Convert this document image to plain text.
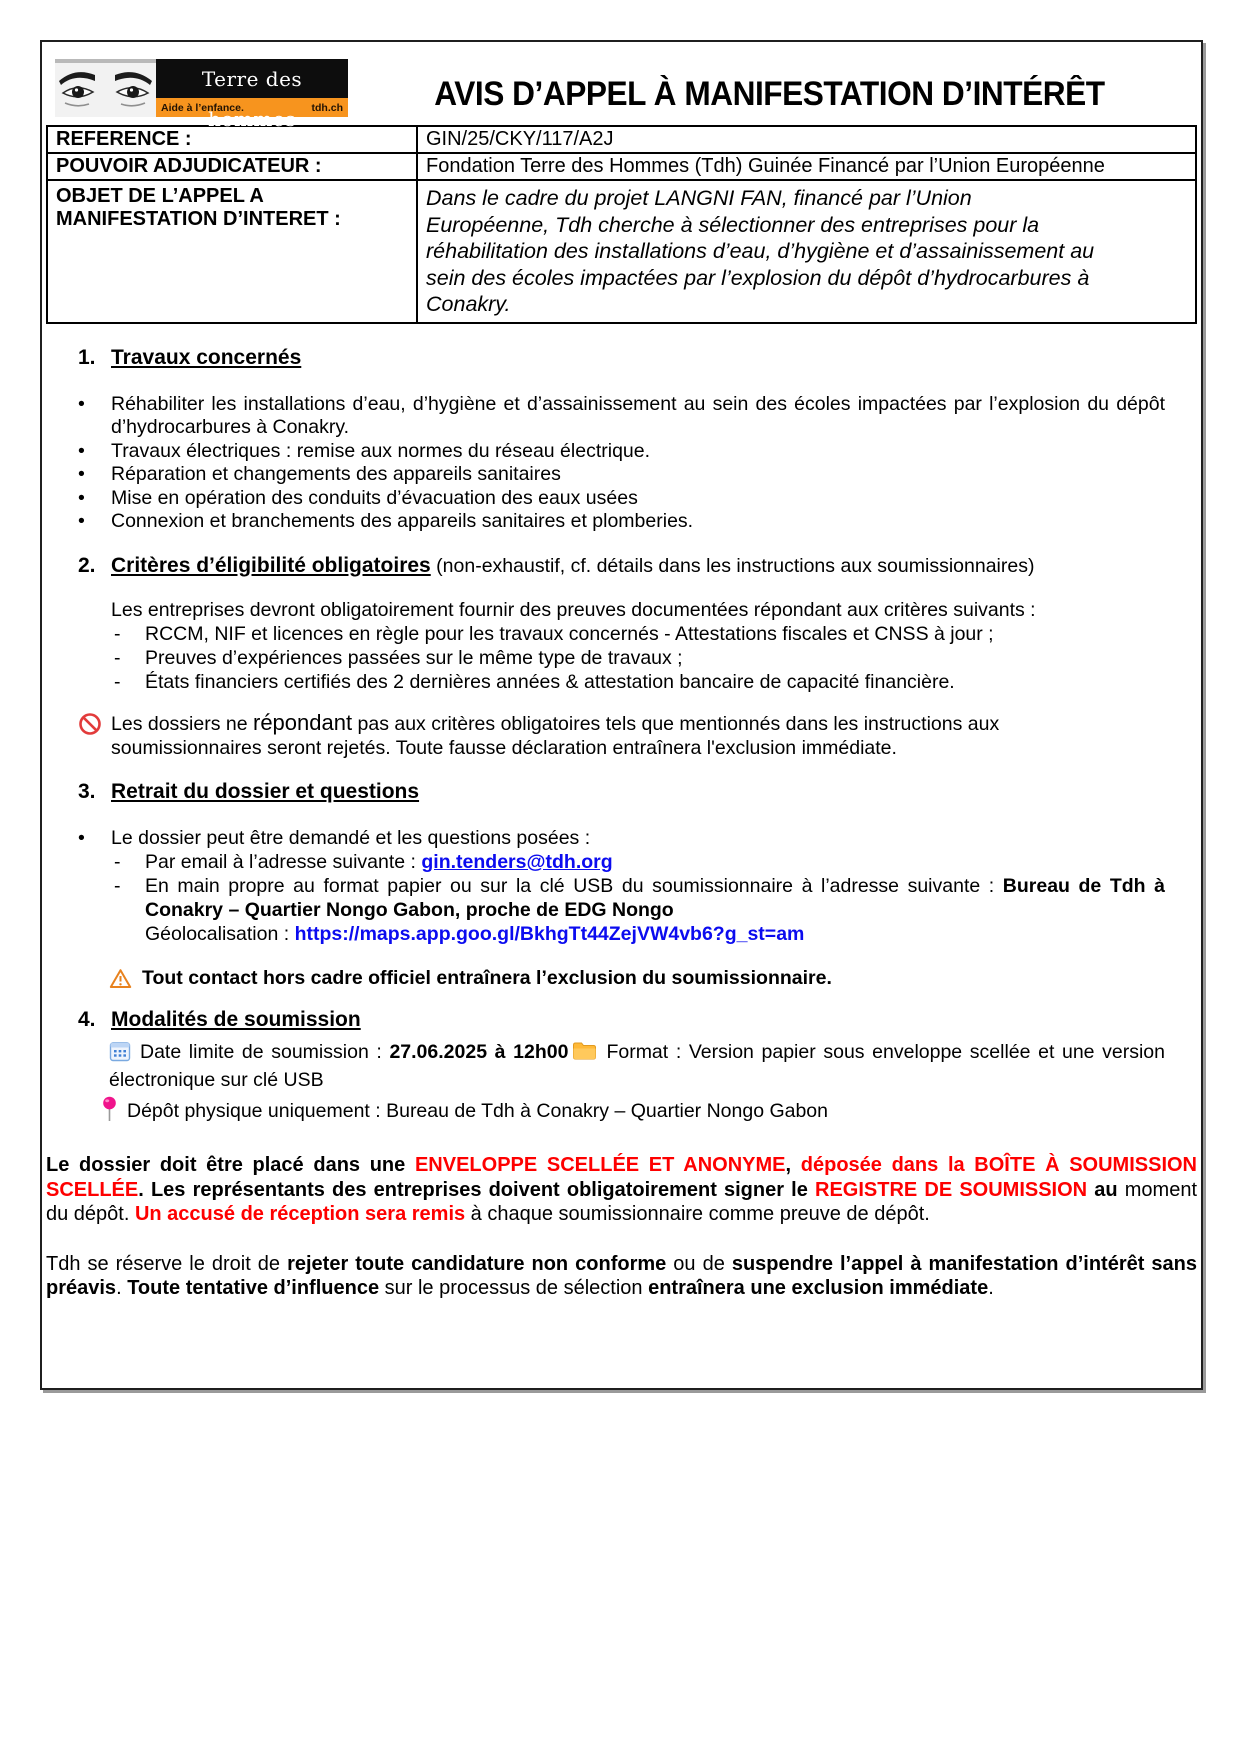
Terre des hommes
Aide à l’enfance.	tdh.ch	AVIS D’APPEL À MANIFESTATION D’INTÉRÊT
REFERENCE :	GIN/25/CKY/117/A2J
POUVOIR ADJUDICATEUR :	Fondation Terre des Hommes (Tdh) Guinée Financé par l’Union Européenne

OBJET DE L’APPEL A MANIFESTATION D’INTERET :	Dans le cadre du projet LANGNI FAN, financé par l’Union Européenne, Tdh cherche à sélectionner des entreprises pour la réhabilitation des installations d’eau, d’hygiène et d’assainissement au sein des écoles impactées par l’explosion du dépôt d’hydrocarbures à Conakry.
1. Travaux concernés
•	Réhabiliter les installations d’eau, d’hygiène et d’assainissement au sein des écoles impactées par l’explosion du dépôt d’hydrocarbures à Conakry.
•	Travaux électriques : remise aux normes du réseau électrique.
•	Réparation et changements des appareils sanitaires
•	Mise en opération des conduits d’évacuation des eaux usées
•	Connexion et branchements des appareils sanitaires et plomberies.
2. Critères d’éligibilité obligatoires (non-exhaustif, cf. détails dans les instructions aux soumissionnaires)
Les entreprises devront obligatoirement fournir des preuves documentées répondant aux critères suivants :
-	RCCM, NIF et licences en règle pour les travaux concernés - Attestations fiscales et CNSS à jour ;
-	Preuves d’expériences passées sur le même type de travaux ;
-	États financiers certifiés des 2 dernières années & attestation bancaire de capacité financière.
Les dossiers ne répondant pas aux critères obligatoires tels que mentionnés dans les instructions aux soumissionnaires seront rejetés. Toute fausse déclaration entraînera l'exclusion immédiate.
3. Retrait du dossier et questions
•	Le dossier peut être demandé et les questions posées :
-	Par email à l’adresse suivante : gin.tenders@tdh.org
-	En main propre au format papier ou sur la clé USB du soumissionnaire à l’adresse suivante : Bureau de Tdh à Conakry – Quartier Nongo Gabon, proche de EDG Nongo
Géolocalisation : https://maps.app.goo.gl/BkhgTt44ZejVW4vb6?g_st=am
Tout contact hors cadre officiel entraînera l’exclusion du soumissionnaire.
4. Modalités de soumission
Date limite de soumission : 27.06.2025 à 12h00 Format : Version papier sous enveloppe scellée et une version électronique sur clé USB
Dépôt physique uniquement : Bureau de Tdh à Conakry – Quartier Nongo Gabon

Le dossier doit être placé dans une ENVELOPPE SCELLÉE ET ANONYME, déposée dans la BOÎTE À SOUMISSION SCELLÉE. Les représentants des entreprises doivent obligatoirement signer le REGISTRE DE SOUMISSION au moment du dépôt. Un accusé de réception sera remis à chaque soumissionnaire comme preuve de dépôt.

Tdh se réserve le droit de rejeter toute candidature non conforme ou de suspendre l’appel à manifestation d’intérêt sans préavis. Toute tentative d’influence sur le processus de sélection entraînera une exclusion immédiate.
